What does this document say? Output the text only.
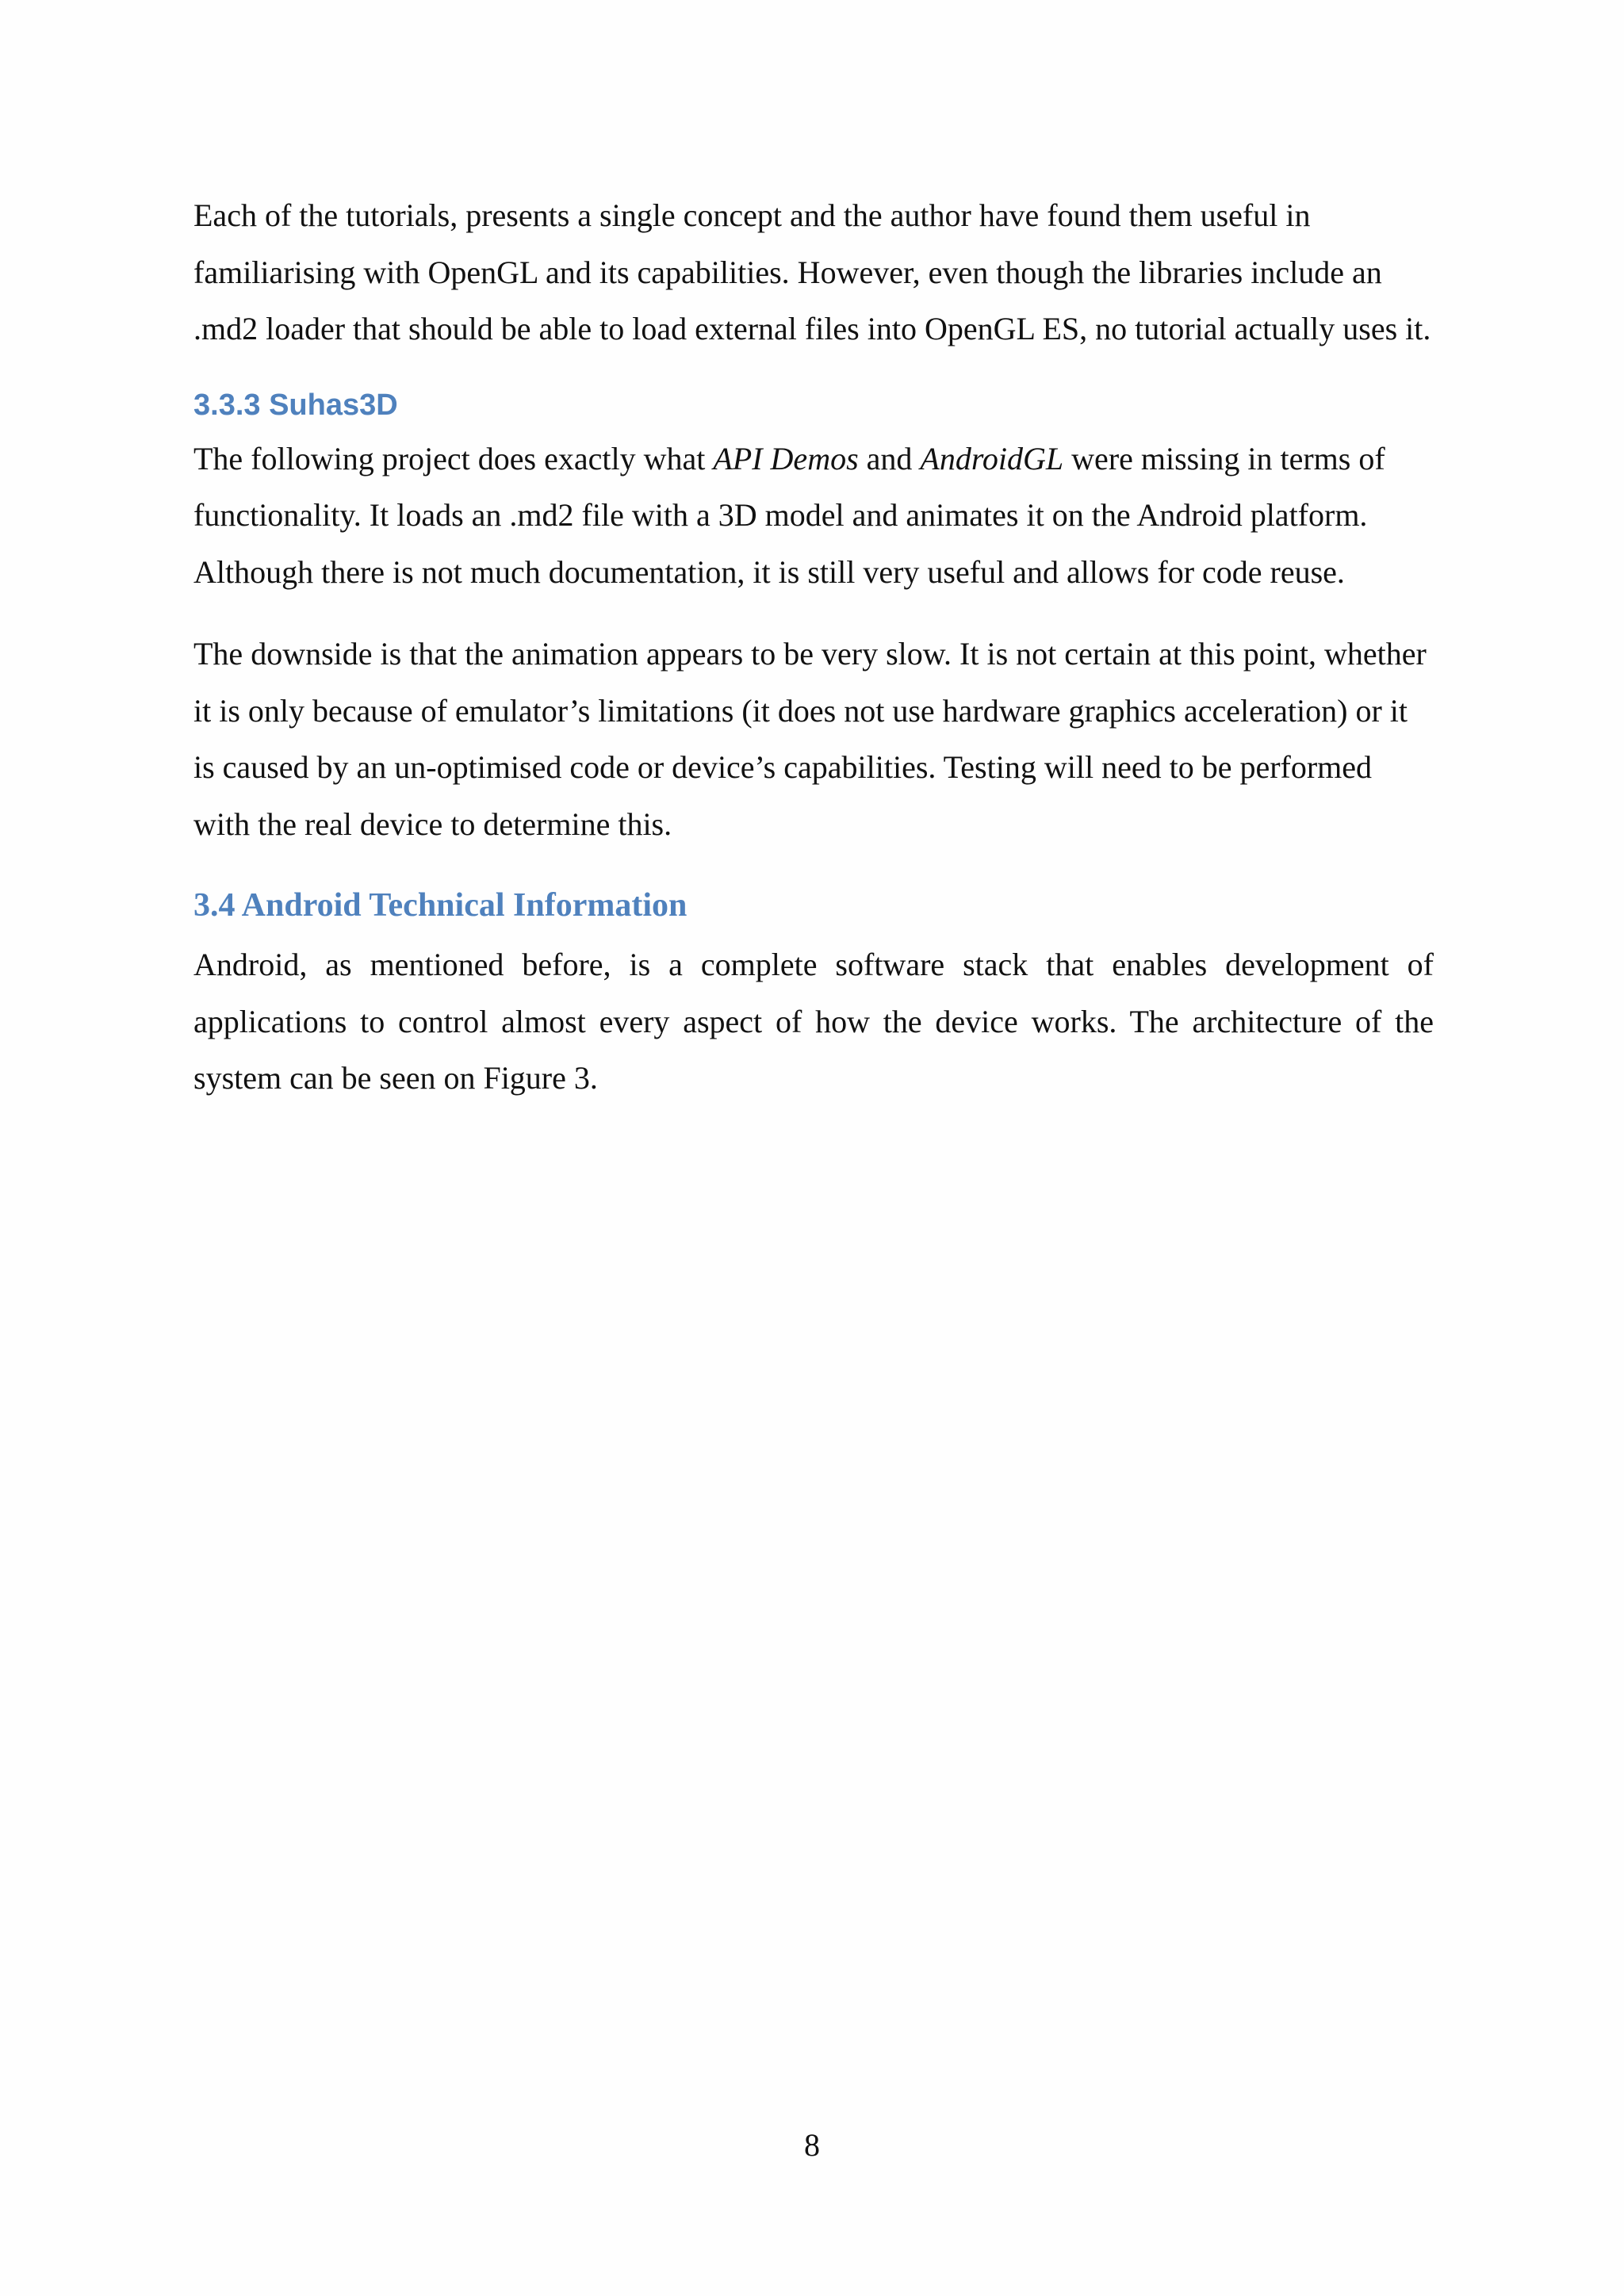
Each of the tutorials, presents a single concept and the author have found them useful in familiarising with OpenGL and its capabilities. However, even though the libraries include an .md2 loader that should be able to load external files into OpenGL ES, no tutorial actually uses it.

3.3.3 Suhas3D

The following project does exactly what API Demos and AndroidGL were missing in terms of functionality. It loads an .md2 file with a 3D model and animates it on the Android platform. Although there is not much documentation, it is still very useful and allows for code reuse.

The downside is that the animation appears to be very slow. It is not certain at this point, whether it is only because of emulator’s limitations (it does not use hardware graphics acceleration) or it is caused by an un-optimised code or device’s capabilities. Testing will need to be performed with the real device to determine this.

3.4 Android Technical Information

Android, as mentioned before, is a complete software stack that enables development of applications to control almost every aspect of how the device works. The architecture of the system can be seen on Figure 3.

8
